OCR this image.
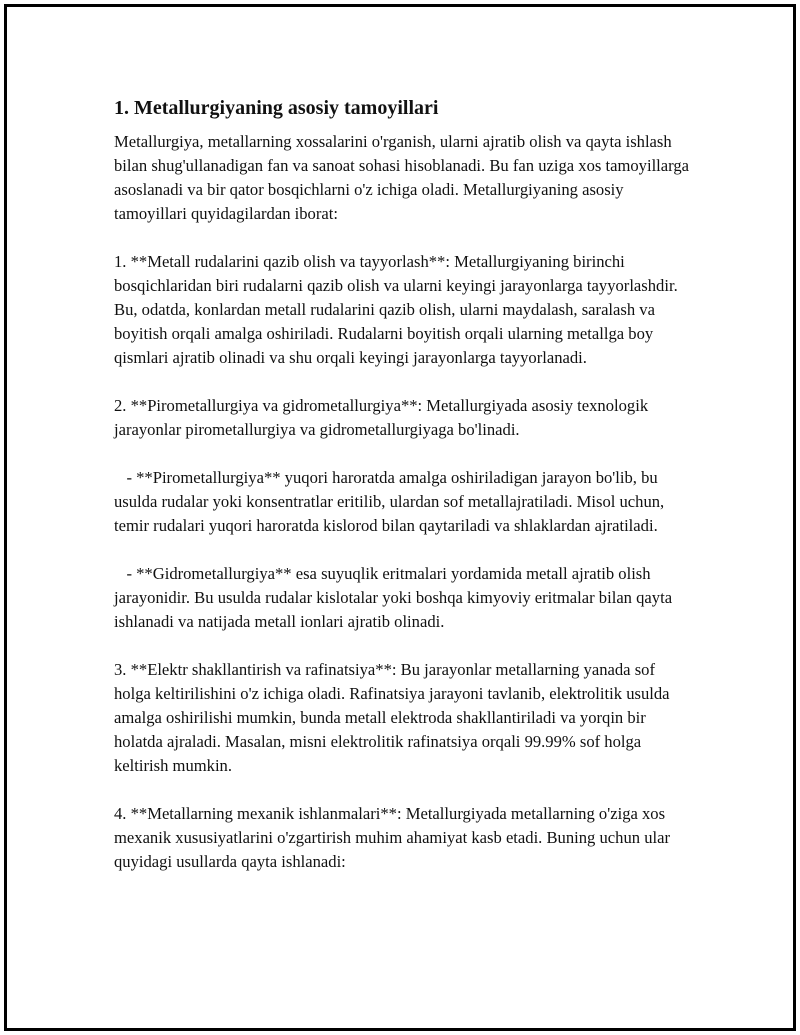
1. Metallurgiyaning asosiy tamoyillari
Metallurgiya, metallarning xossalarini o'rganish, ularni ajratib olish va qayta ishlash bilan shug'ullanadigan fan va sanoat sohasi hisoblanadi. Bu fan uziga xos tamoyillarga asoslanadi va bir qator bosqichlarni o'z ichiga oladi. Metallurgiyaning asosiy tamoyillari quyidagilardan iborat:
1. **Metall rudalarini qazib olish va tayyorlash**: Metallurgiyaning birinchi bosqichlaridan biri rudalarni qazib olish va ularni keyingi jarayonlarga tayyorlashdir. Bu, odatda, konlardan metall rudalarini qazib olish, ularni maydalash, saralash va boyitish orqali amalga oshiriladi. Rudalarni boyitish orqali ularning metallga boy qismlari ajratib olinadi va shu orqali keyingi jarayonlarga tayyorlanadi.
2. **Pirometallurgiya va gidrometallurgiya**: Metallurgiyada asosiy texnologik jarayonlar pirometallurgiya va gidrometallurgiyaga bo'linadi.
- **Pirometallurgiya** yuqori haroratda amalga oshiriladigan jarayon bo'lib, bu usulda rudalar yoki konsentratlar eritilib, ulardan sof metallajratiladi. Misol uchun, temir rudalari yuqori haroratda kislorod bilan qaytariladi va shlaklardan ajratiladi.
- **Gidrometallurgiya** esa suyuqlik eritmalari yordamida metall ajratib olish jarayonidir. Bu usulda rudalar kislotalar yoki boshqa kimyoviy eritmalar bilan qayta ishlanadi va natijada metall ionlari ajratib olinadi.
3. **Elektr shakllantirish va rafinatsiya**: Bu jarayonlar metallarning yanada sof holga keltirilishini o'z ichiga oladi. Rafinatsiya jarayoni tavlanib, elektrolitik usulda amalga oshirilishi mumkin, bunda metall elektroda shakllantiriladi va yorqin bir holatda ajraladi. Masalan, misni elektrolitik rafinatsiya orqali 99.99% sof holga keltirish mumkin.
4. **Metallarning mexanik ishlanmalari**: Metallurgiyada metallarning o'ziga xos mexanik xususiyatlarini o'zgartirish muhim ahamiyat kasb etadi. Buning uchun ular quyidagi usullarda qayta ishlanadi:
